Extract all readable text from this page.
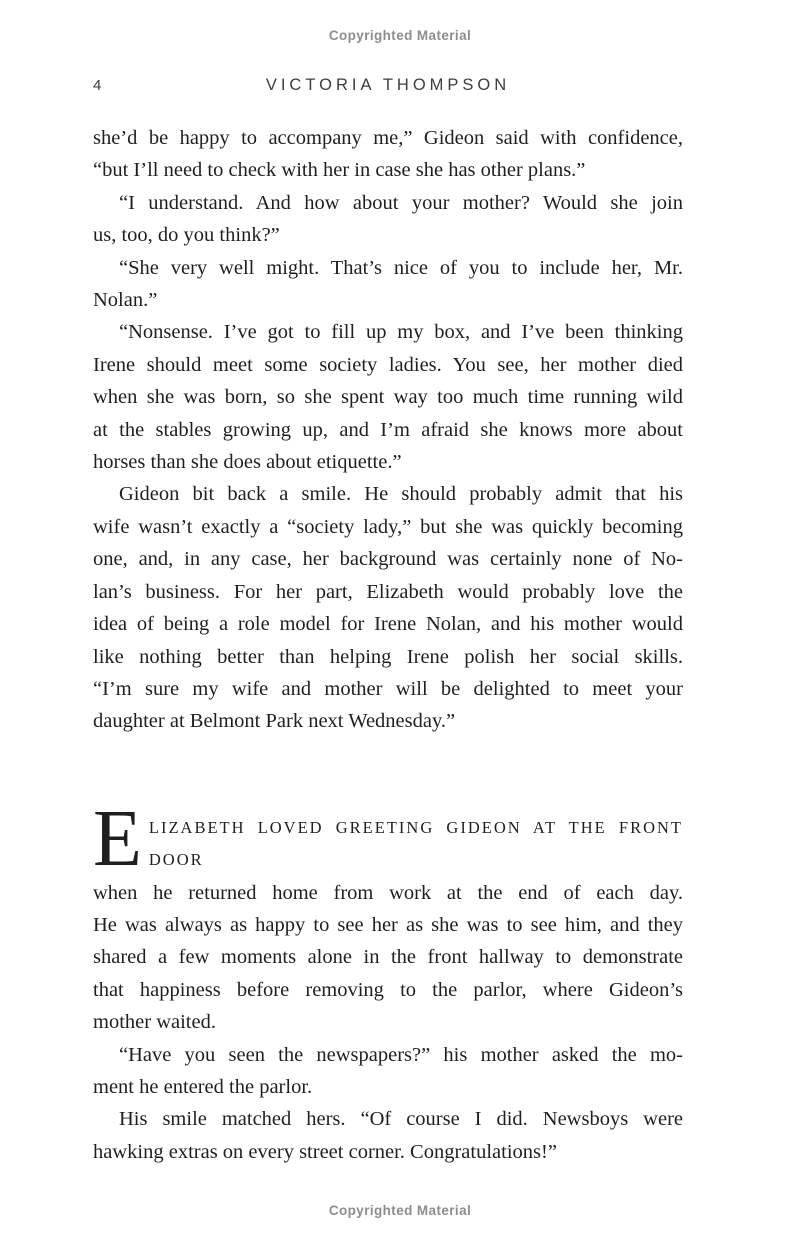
Copyrighted Material
4	VICTORIA THOMPSON
she’d be happy to accompany me,” Gideon said with confidence,
“but I’ll need to check with her in case she has other plans.”
“I understand. And how about your mother? Would she join
us, too, do you think?”
“She very well might. That’s nice of you to include her, Mr.
Nolan.”
“Nonsense. I’ve got to fill up my box, and I’ve been thinking
Irene should meet some society ladies. You see, her mother died
when she was born, so she spent way too much time running wild
at the stables growing up, and I’m afraid she knows more about
horses than she does about etiquette.”
Gideon bit back a smile. He should probably admit that his
wife wasn’t exactly a “society lady,” but she was quickly becoming
one, and, in any case, her background was certainly none of No-
lan’s business. For her part, Elizabeth would probably love the
idea of being a role model for Irene Nolan, and his mother would
like nothing better than helping Irene polish her social skills.
“I’m sure my wife and mother will be delighted to meet your
daughter at Belmont Park next Wednesday.”
E LIZABETH LOVED GREETING GIDEON AT THE FRONT DOOR
when he returned home from work at the end of each day.
He was always as happy to see her as she was to see him, and they
shared a few moments alone in the front hallway to demonstrate
that happiness before removing to the parlor, where Gideon’s
mother waited.
“Have you seen the newspapers?” his mother asked the mo-
ment he entered the parlor.
His smile matched hers. “Of course I did. Newsboys were
hawking extras on every street corner. Congratulations!”
Copyrighted Material
